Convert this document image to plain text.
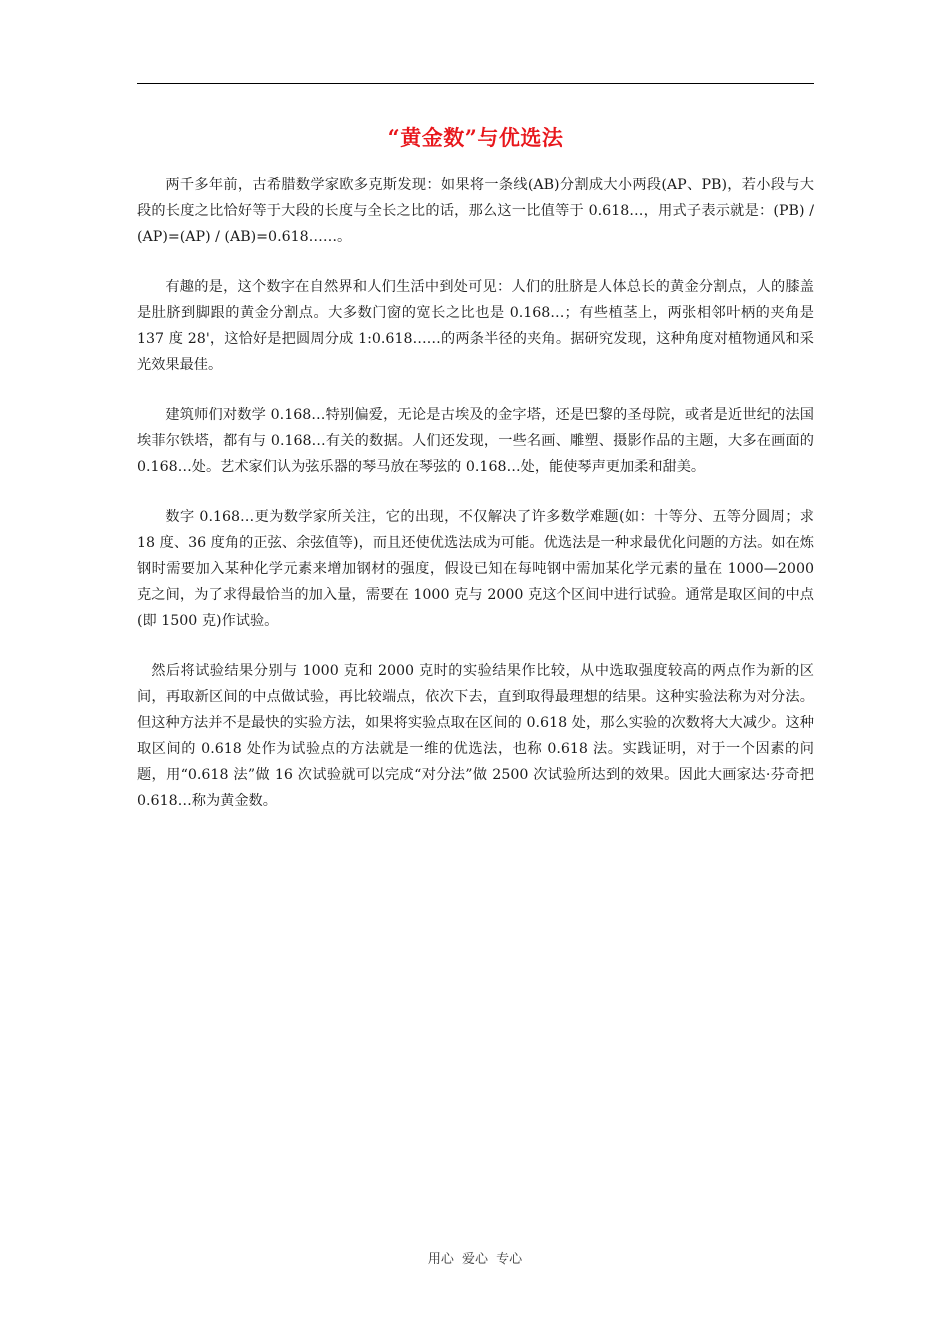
“黄金数”与优选法

两千多年前，古希腊数学家欧多克斯发现：如果将一条线(AB)分割成大小两段(AP、PB)，若小段与大段的长度之比恰好等于大段的长度与全长之比的话，那么这一比值等于 0.618…，用式子表示就是：(PB) / (AP)=(AP) / (AB)=0.618……。

有趣的是，这个数字在自然界和人们生活中到处可见：人们的肚脐是人体总长的黄金分割点，人的膝盖是肚脐到脚跟的黄金分割点。大多数门窗的宽长之比也是 0.168…；有些植茎上，两张相邻叶柄的夹角是 137 度 28'，这恰好是把圆周分成 1:0.618……的两条半径的夹角。据研究发现，这种角度对植物通风和采光效果最佳。

建筑师们对数学 0.168…特别偏爱，无论是古埃及的金字塔，还是巴黎的圣母院，或者是近世纪的法国埃菲尔铁塔，都有与 0.168…有关的数据。人们还发现，一些名画、雕塑、摄影作品的主题，大多在画面的 0.168…处。艺术家们认为弦乐器的琴马放在琴弦的 0.168…处，能使琴声更加柔和甜美。

数字 0.168…更为数学家所关注，它的出现，不仅解决了许多数学难题(如：十等分、五等分圆周；求 18 度、36 度角的正弦、余弦值等)，而且还使优选法成为可能。优选法是一种求最优化问题的方法。如在炼钢时需要加入某种化学元素来增加钢材的强度，假设已知在每吨钢中需加某化学元素的量在 1000—2000 克之间，为了求得最恰当的加入量，需要在 1000 克与 2000 克这个区间中进行试验。通常是取区间的中点(即 1500 克)作试验。

然后将试验结果分别与 1000 克和 2000 克时的实验结果作比较，从中选取强度较高的两点作为新的区间，再取新区间的中点做试验，再比较端点，依次下去，直到取得最理想的结果。这种实验法称为对分法。但这种方法并不是最快的实验方法，如果将实验点取在区间的 0.618 处，那么实验的次数将大大减少。这种取区间的 0.618 处作为试验点的方法就是一维的优选法，也称 0.618 法。实践证明，对于一个因素的问题，用“0.618 法”做 16 次试验就可以完成“对分法”做 2500 次试验所达到的效果。因此大画家达·芬奇把 0.618…称为黄金数。

用心 爱心 专心
